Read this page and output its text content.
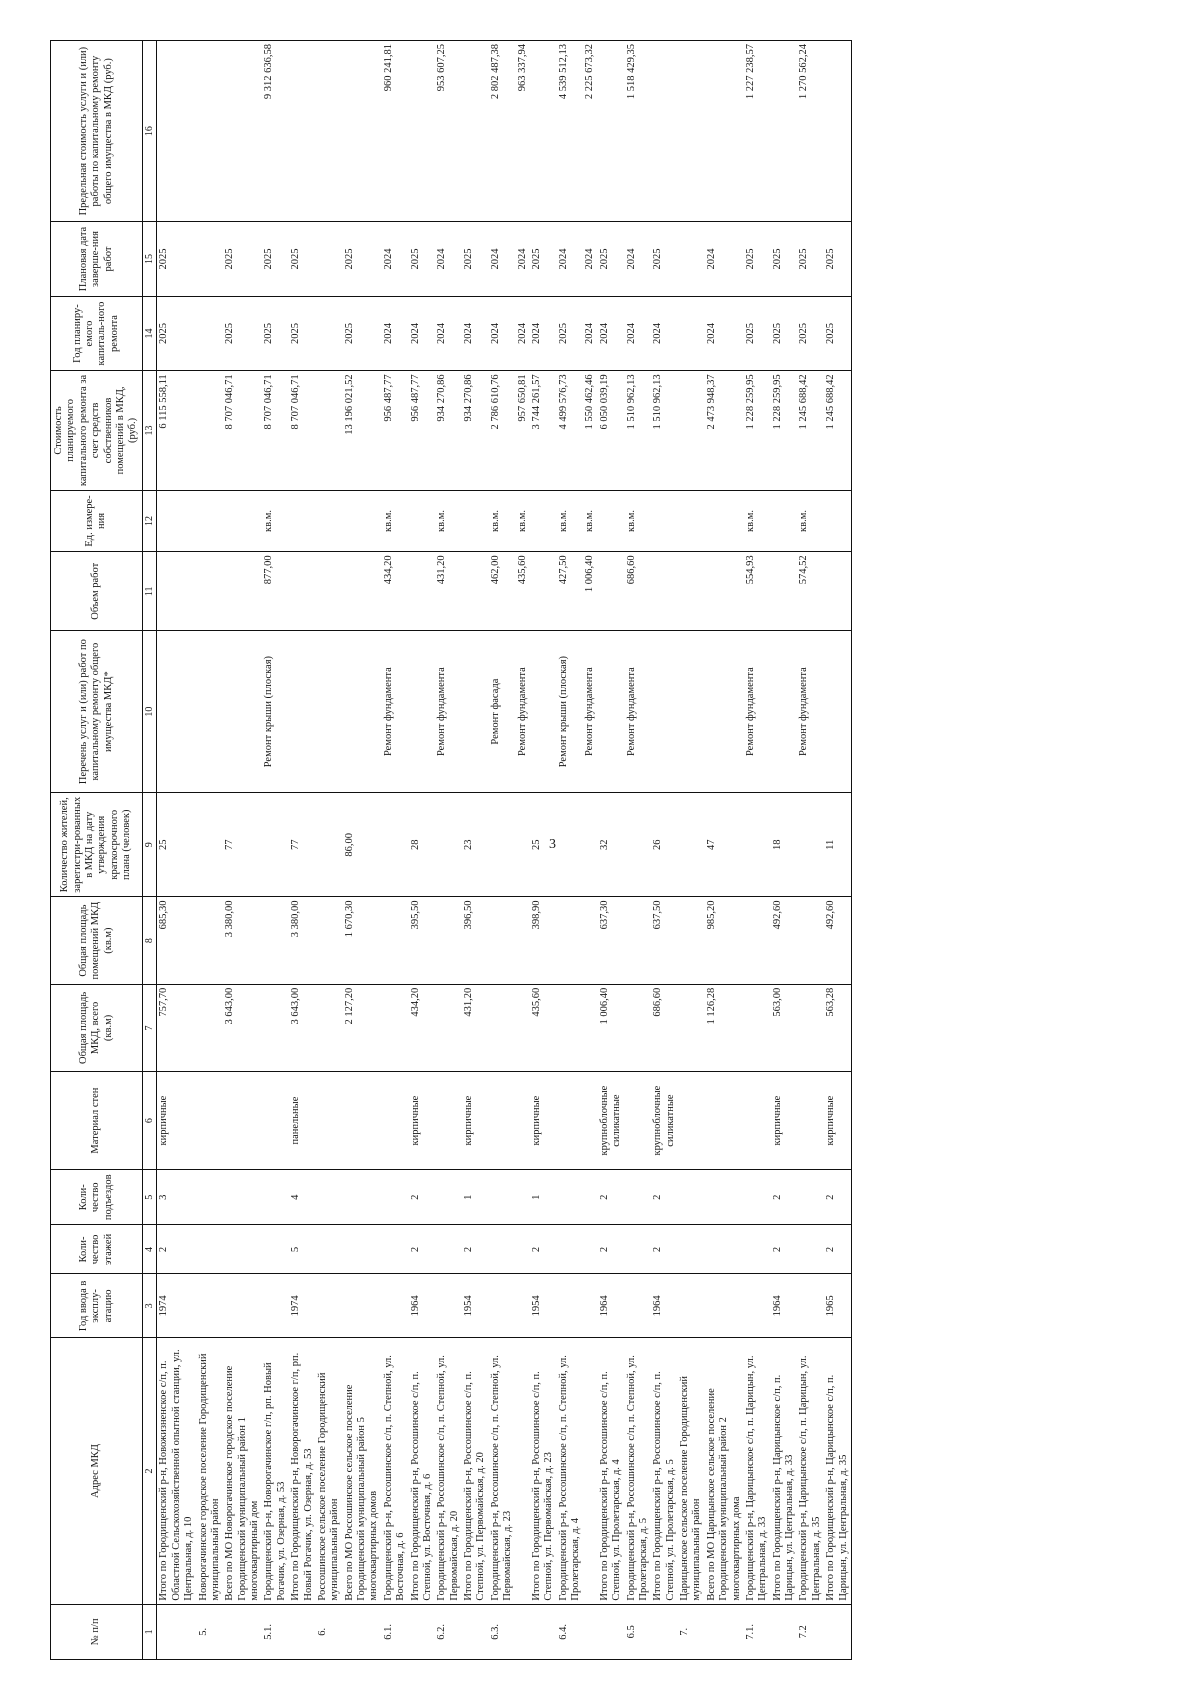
3
№ п/п	Адрес МКД	Год ввода в эксплу-атацию	Коли-чество этажей	Коли-чество подъездов	Материал стен	Общая площадь МКД, всего (кв.м)	Общая площадь помещений МКД (кв.м)	Количество жителей, зарегистри-рованных в МКД на дату утверждения краткосрочного плана (человек)	Перечень услуг и (или) работ по капитальному ремонту общего имущества МКД*	Объем работ	Ед. измере-ния	Стоимость планируемого капитального ремонта за счет средств собственников помещений в МКД, (руб.)	Год планиру-емого капиталь-ного ремонта	Плановая дата заверше-ния работ	Предельная стоимость услуги и (или) работы по капитальному ремонту общего имущества в МКД (руб.)
1	2	3	4	5	6	7	8	9	10	11	12	13	14	15	16
	Итого по Городищенский р-н, Новожизненское с/п, п. Областной Сельскохозяйственной опытной станции, ул. Центральная, д. 10	1974	2	3	кирпичные	757,70	685,30	25				6 115 558,11	2025	2025	
5.	Новорогачинское городское поселение Городищенский муниципальный район														
	Всего по МО Новорогачинское городское поселение Городищенский муниципальный район 1 многоквартирный дом					3 643,00	3 380,00	77				8 707 046,71	2025	2025	
5.1.	Городищенский р-н, Новорогачинское г/п, рп. Новый Рогачик, ул. Озерная, д. 53								Ремонт крыши (плоская)	877,00	кв.м.	8 707 046,71	2025	2025	9 312 636,58
	Итого по Городищенский р-н, Новорогачинское г/п, рп. Новый Рогачик, ул. Озерная, д. 53	1974	5	4	панельные	3 643,00	3 380,00	77				8 707 046,71	2025	2025	
6.	Россошинское сельское поселение Городищенский муниципальный район														
	Всего по МО Россошинское сельское поселение Городищенский муниципальный район 5 многоквартирных домов					2 127,20	1 670,30	86,00				13 196 021,52	2025	2025	
6.1.	Городищенский р-н, Россошинское с/п, п. Степной, ул. Восточная, д. 6								Ремонт фундамента	434,20	кв.м.	956 487,77	2024	2024	960 241,81
	Итого по Городищенский р-н, Россошинское с/п, п. Степной, ул. Восточная, д. 6	1964	2	2	кирпичные	434,20	395,50	28				956 487,77	2024	2025	
6.2.	Городищенский р-н, Россошинское с/п, п. Степной, ул. Первомайская, д. 20								Ремонт фундамента	431,20	кв.м.	934 270,86	2024	2024	953 607,25
	Итого по Городищенский р-н, Россошинское с/п, п. Степной, ул. Первомайская, д. 20	1954	2	1	кирпичные	431,20	396,50	23				934 270,86	2024	2025	
6.3.	Городищенский р-н, Россошинское с/п, п. Степной, ул. Первомайская, д. 23								Ремонт фасада	462,00	кв.м.	2 786 610,76	2024	2024	2 802 487,38
									Ремонт фундамента	435,60	кв.м.	957 650,81	2024	2024	963 337,94
	Итого по Городищенский р-н, Россошинское с/п, п. Степной, ул. Первомайская, д. 23	1954	2	1	кирпичные	435,60	398,90	25				3 744 261,57	2024	2025	
6.4.	Городищенский р-н, Россошинское с/п, п. Степной, ул. Пролетарская, д. 4								Ремонт крыши (плоская)	427,50	кв.м.	4 499 576,73	2025	2024	4 539 512,13
									Ремонт фундамента	1 006,40	кв.м.	1 550 462,46	2024	2024	2 225 673,32
	Итого по Городищенский р-н, Россошинское с/п, п. Степной, ул. Пролетарская, д. 4	1964	2	2	крупноблочные силикатные	1 006,40	637,30	32				6 050 039,19	2024	2025	
6.5	Городищенский р-н, Россошинское с/п, п. Степной, ул. Пролетарская, д. 5								Ремонт фундамента	686,60	кв.м.	1 510 962,13	2024	2024	1 518 429,35
	Итого по Городищенский р-н, Россошинское с/п, п. Степной, ул. Пролетарская, д. 5	1964	2	2	крупноблочные силикатные	686,60	637,50	26				1 510 962,13	2024	2025	
7.	Царицынское сельское поселение Городищенский муниципальный район														
	Всего по МО Царицынское сельское поселение Городищенский муниципальный район 2 многоквартирных дома					1 126,28	985,20	47				2 473 948,37	2024	2024	
7.1.	Городищенский р-н, Царицынское с/п, п. Царицын, ул. Центральная, д. 33								Ремонт фундамента	554,93	кв.м.	1 228 259,95	2025	2025	1 227 238,57
	Итого по Городищенский р-н, Царицынское с/п, п. Царицын, ул. Центральная, д. 33	1964	2	2	кирпичные	563,00	492,60	18				1 228 259,95	2025	2025	
7.2	Городищенский р-н, Царицынское с/п, п. Царицын, ул. Центральная, д. 35								Ремонт фундамента	574,52	кв.м.	1 245 688,42	2025	2025	1 270 562,24
	Итого по Городищенский р-н, Царицынское с/п, п. Царицын, ул. Центральная, д. 35	1965	2	2	кирпичные	563,28	492,60	11				1 245 688,42	2025	2025	
